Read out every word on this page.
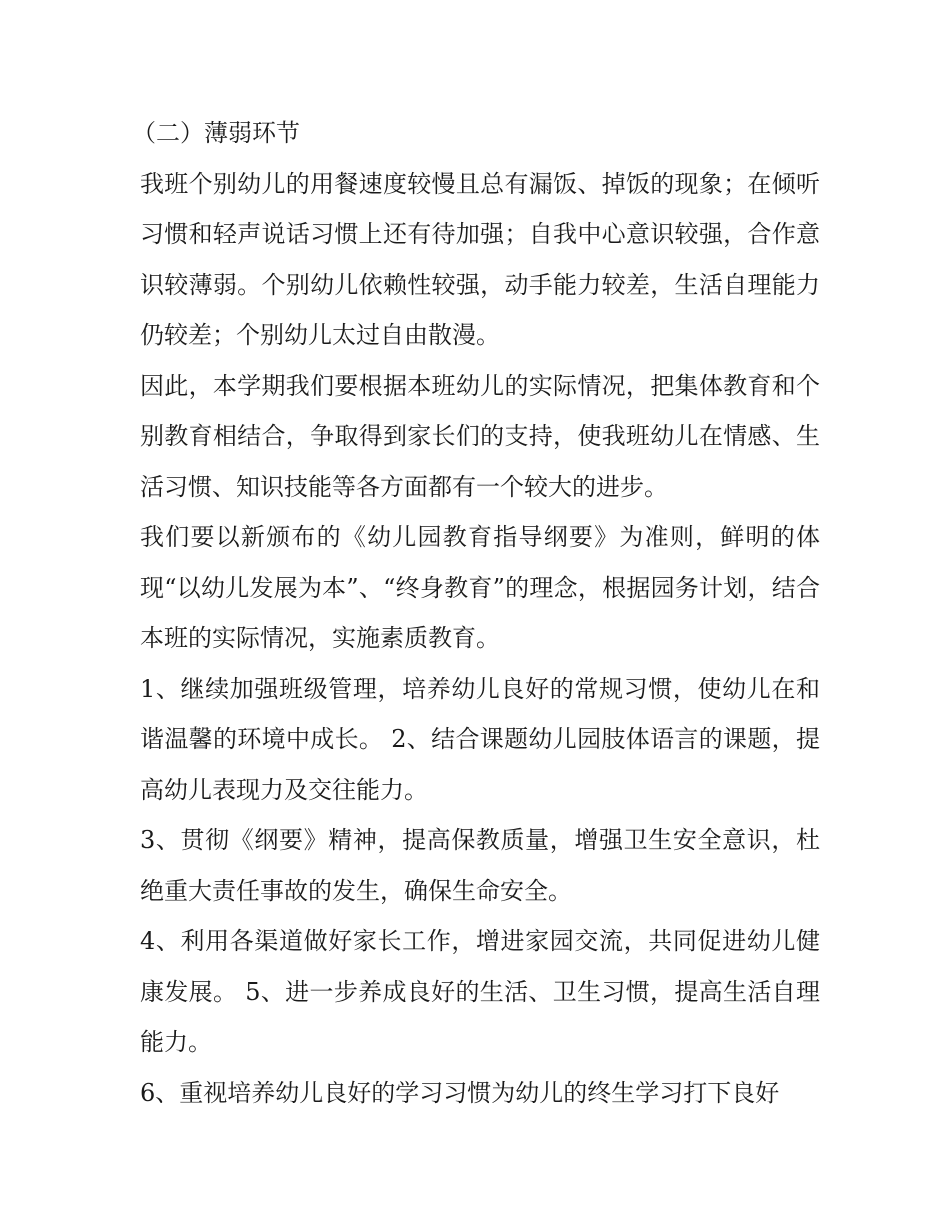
（二）薄弱环节

我班个别幼儿的用餐速度较慢且总有漏饭、掉饭的现象；在倾听习惯和轻声说话习惯上还有待加强；自我中心意识较强，合作意识较薄弱。个别幼儿依赖性较强，动手能力较差，生活自理能力仍较差；个别幼儿太过自由散漫。

因此，本学期我们要根据本班幼儿的实际情况，把集体教育和个别教育相结合，争取得到家长们的支持，使我班幼儿在情感、生活习惯、知识技能等各方面都有一个较大的进步。

我们要以新颁布的《幼儿园教育指导纲要》为准则，鲜明的体现“以幼儿发展为本”、“终身教育”的理念，根据园务计划，结合本班的实际情况，实施素质教育。

1、继续加强班级管理，培养幼儿良好的常规习惯，使幼儿在和谐温馨的环境中成长。 2、结合课题幼儿园肢体语言的课题，提高幼儿表现力及交往能力。

3、贯彻《纲要》精神，提高保教质量，增强卫生安全意识，杜绝重大责任事故的发生，确保生命安全。

4、利用各渠道做好家长工作，增进家园交流，共同促进幼儿健康发展。 5、进一步养成良好的生活、卫生习惯，提高生活自理能力。

6、重视培养幼儿良好的学习习惯为幼儿的终生学习打下良好
